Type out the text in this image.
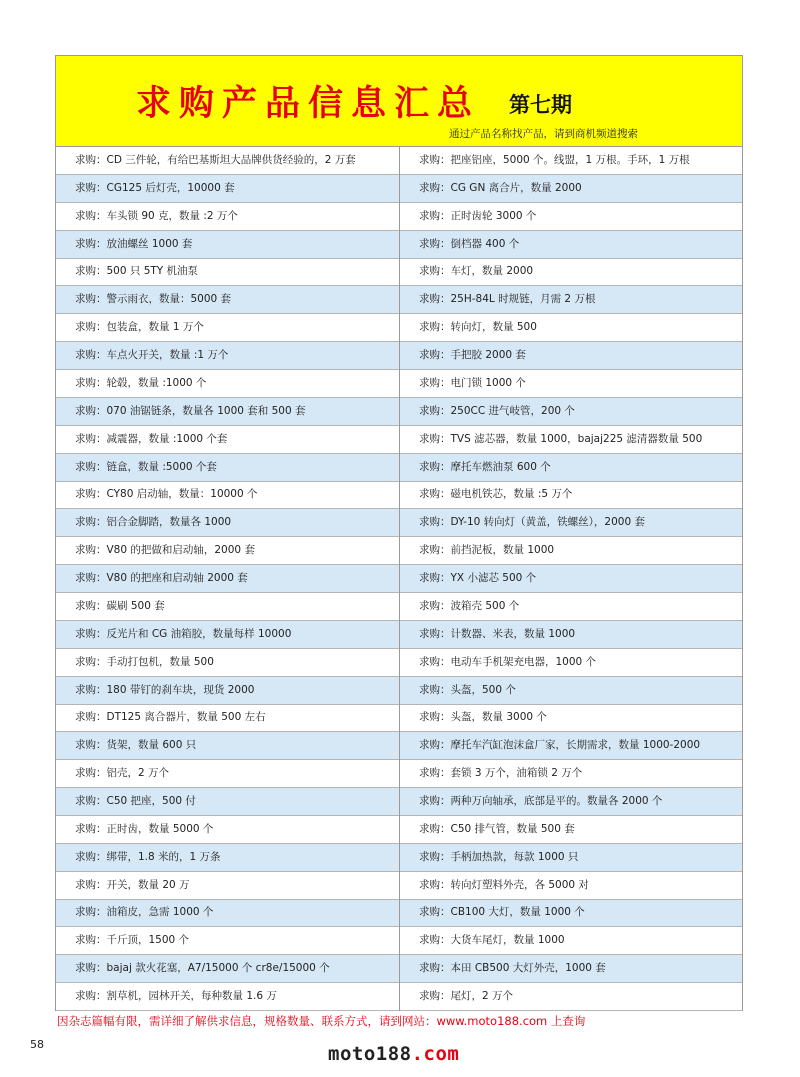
求购产品信息汇总 第七期
通过产品名称找产品，请到商机频道搜索
求购：割草机，园林开关，每种数量 1.6 万	求购：尾灯，2 万个
求购：bajaj 款火花塞，A7/15000 个 cr8e/15000 个	求购：本田 CB500 大灯外壳，1000 套
求购：千斤顶，1500 个	求购：大货车尾灯，数量 1000
求购：油箱皮，急需 1000 个	求购：CB100 大灯，数量 1000 个
求购：开关，数量 20 万	求购：转向灯塑料外壳，各 5000 对
求购：绑带，1.8 米的，1 万条	求购：手柄加热款，每款 1000 只
求购：正时齿，数量 5000 个	求购：C50 排气管，数量 500 套
求购：C50 把座，500 付	求购：两种万向轴承，底部是平的。数量各 2000 个
求购：铝壳，2 万个	求购：套锁 3 万个，油箱锁 2 万个
求购：货架，数量 600 只	求购：摩托车汽缸泡沫盒厂家，长期需求，数量 1000-2000
求购：DT125 离合器片，数量 500 左右	求购：头盔，数量 3000 个
求购：180 带钉的刹车块，现货 2000	求购：头盔，500 个
求购：手动打包机，数量 500	求购：电动车手机架充电器，1000 个
求购：反光片和 CG 油箱胶，数量每样 10000	求购：计数器、米表，数量 1000
求购：碳刷 500 套	求购：波箱壳 500 个
求购：V80 的把座和启动轴 2000 套	求购：YX 小滤芯 500 个
求购：V80 的把做和启动轴，2000 套	求购：前挡泥板，数量 1000
求购：铝合金脚踏，数量各 1000	求购：DY-10 转向灯（黄盖，铁螺丝），2000 套
求购：CY80 启动轴，数量：10000 个	求购：磁电机铁芯，数量 :5 万个
求购：链盒，数量 :5000 个套	求购：摩托车燃油泵 600 个
求购：减震器，数量 :1000 个套	求购：TVS 滤芯器，数量 1000，bajaj225 滤清器数量 500
求购：070 油锯链条，数量各 1000 套和 500 套	求购：250CC 进气岐管，200 个
求购：轮毂，数量 :1000 个	求购：电门锁 1000 个
求购：车点火开关，数量 :1 万个	求购：手把胶 2000 套
求购：包装盒，数量 1 万个	求购：转向灯，数量 500
求购：警示雨衣，数量：5000 套	求购：25H-84L 时规链，月需 2 万根
求购：500 只 5TY 机油泵	求购：车灯，数量 2000
求购：放油螺丝 1000 套	求购：倒档器 400 个
求购：车头锁 90 克，数量 :2 万个	求购：正时齿轮 3000 个
求购：CG125 后灯壳，10000 套	求购：CG GN 离合片，数量 2000
求购：CD 三件轮，有给巴基斯坦大品牌供货经验的，2 万套	求购：把座铝座，5000 个。线盟，1 万根。手环，1 万根
因杂志篇幅有限，需详细了解供求信息，规格数量、联系方式，请到网站：www.moto188.com 上查询
58	moto188.com
